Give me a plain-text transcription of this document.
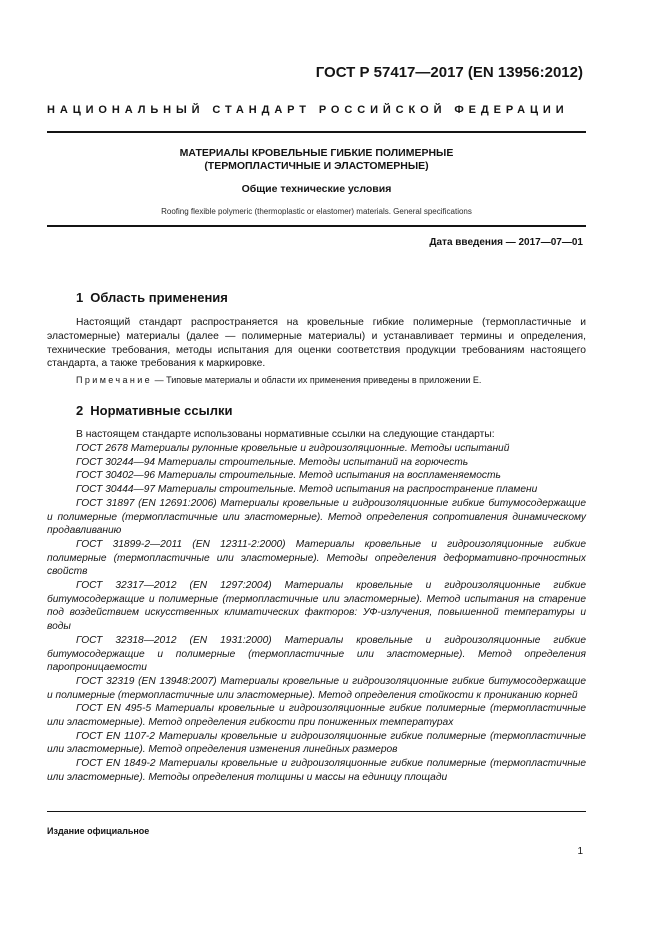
ГОСТ Р 57417—2017 (EN 13956:2012)
НАЦИОНАЛЬНЫЙ СТАНДАРТ РОССИЙСКОЙ ФЕДЕРАЦИИ
МАТЕРИАЛЫ КРОВЕЛЬНЫЕ ГИБКИЕ ПОЛИМЕРНЫЕ
(ТЕРМОПЛАСТИЧНЫЕ И ЭЛАСТОМЕРНЫЕ)
Общие технические условия
Roofing flexible polymeric (thermoplastic or elastomer) materials. General specifications
Дата введения — 2017—07—01
1 Область применения
Настоящий стандарт распространяется на кровельные гибкие полимерные (термопластичные и эластомерные) материалы (далее — полимерные материалы) и устанавливает термины и определения, технические требования, методы испытания для оценки соответствия продукции требованиям настоящего стандарта, а также требования к маркировке.
Примечание — Типовые материалы и области их применения приведены в приложении Е.
2 Нормативные ссылки
В настоящем стандарте использованы нормативные ссылки на следующие стандарты:

ГОСТ 2678 Материалы рулонные кровельные и гидроизоляционные. Методы испытаний

ГОСТ 30244—94 Материалы строительные. Методы испытаний на горючесть

ГОСТ 30402—96 Материалы строительные. Метод испытания на воспламеняемость

ГОСТ 30444—97 Материалы строительные. Метод испытания на распространение пламени

ГОСТ 31897 (EN 12691:2006) Материалы кровельные и гидроизоляционные гибкие битумосодержащие и полимерные (термопластичные или эластомерные). Метод определения сопротивления динамическому продавливанию

ГОСТ 31899-2—2011 (EN 12311-2:2000) Материалы кровельные и гидроизоляционные гибкие полимерные (термопластичные или эластомерные). Методы определения деформативно-прочностных свойств

ГОСТ 32317—2012 (EN 1297:2004) Материалы кровельные и гидроизоляционные гибкие битумосодержащие и полимерные (термопластичные или эластомерные). Метод испытания на старение под воздействием искусственных климатических факторов: УФ-излучения, повышенной температуры и воды

ГОСТ 32318—2012 (EN 1931:2000) Материалы кровельные и гидроизоляционные гибкие битумосодержащие и полимерные (термопластичные или эластомерные). Метод определения паропроницаемости

ГОСТ 32319 (EN 13948:2007) Материалы кровельные и гидроизоляционные гибкие битумосодержащие и полимерные (термопластичные или эластомерные). Метод определения стойкости к прониканию корней

ГОСТ EN 495-5 Материалы кровельные и гидроизоляционные гибкие полимерные (термопластичные или эластомерные). Метод определения гибкости при пониженных температурах

ГОСТ EN 1107-2 Материалы кровельные и гидроизоляционные гибкие полимерные (термопластичные или эластомерные). Метод определения изменения линейных размеров

ГОСТ EN 1849-2 Материалы кровельные и гидроизоляционные гибкие полимерные (термопластичные или эластомерные). Методы определения толщины и массы на единицу площади

Издание официальное
1
